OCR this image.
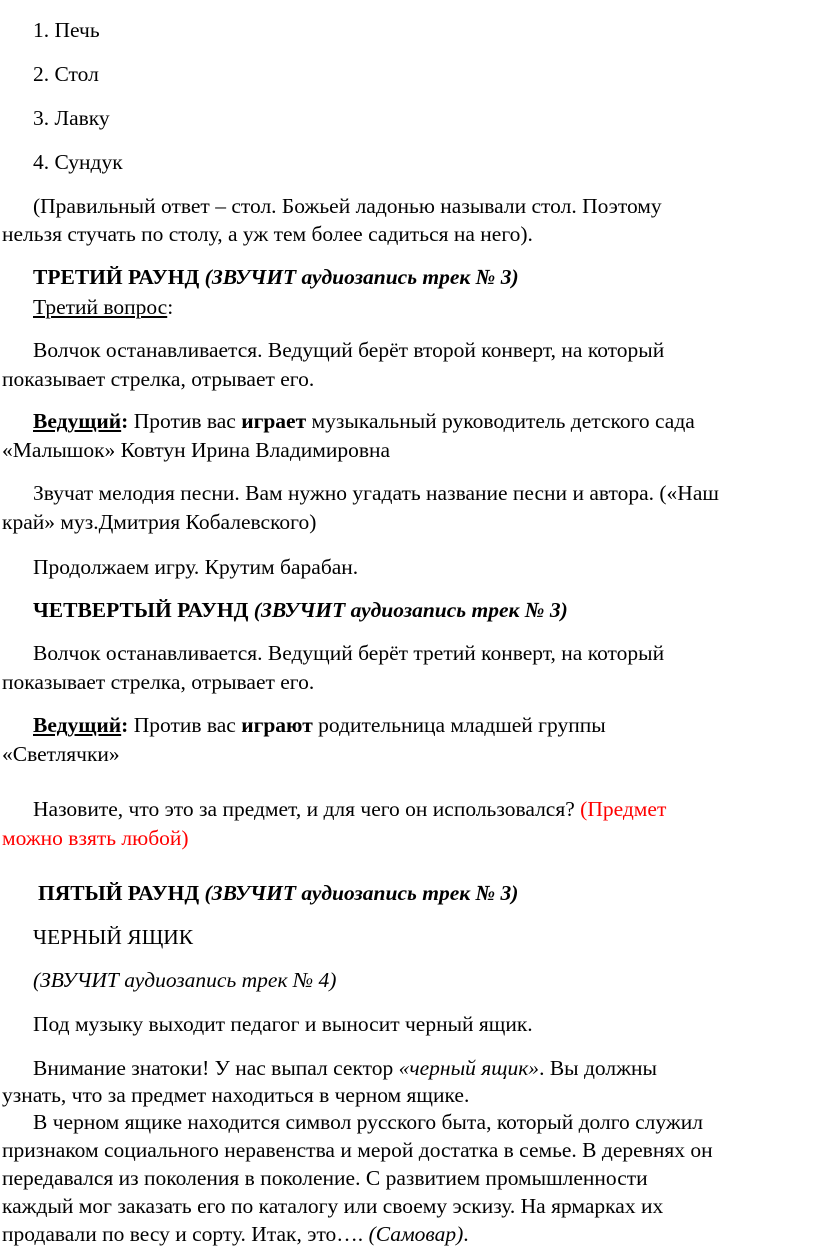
1. Печь
2. Стол
3. Лавку
4. Сундук
(Правильный ответ – стол. Божьей ладонью называли стол. Поэтому
нельзя стучать по столу, а уж тем более садиться на него).
ТРЕТИЙ РАУНД (ЗВУЧИТ аудиозапись трек № 3)
Третий вопрос:
Волчок останавливается. Ведущий берёт второй конверт, на который
показывает стрелка, отрывает его.
Ведущий: Против вас играет музыкальный руководитель детского сада
«Малышок» Ковтун Ирина Владимировна
Звучат мелодия песни. Вам нужно угадать название песни и автора. («Наш
край» муз.Дмитрия Кобалевского)
Продолжаем игру. Крутим барабан.
ЧЕТВЕРТЫЙ РАУНД (ЗВУЧИТ аудиозапись трек № 3)
Волчок останавливается. Ведущий берёт третий конверт, на который
показывает стрелка, отрывает его.
Ведущий: Против вас играют родительница младшей группы
«Светлячки»
Назовите, что это за предмет, и для чего он использовался? (Предмет
можно взять любой)
ПЯТЫЙ РАУНД (ЗВУЧИТ аудиозапись трек № 3)
ЧЕРНЫЙ ЯЩИК
(ЗВУЧИТ аудиозапись трек № 4)
Под музыку выходит педагог и выносит черный ящик.
Внимание знатоки! У нас выпал сектор «черный ящик». Вы должны
узнать, что за предмет находиться в черном ящике.
В черном ящике находится символ русского быта, который долго служил
признаком социального неравенства и мерой достатка в семье. В деревнях он
передавался из поколения в поколение. С развитием промышленности
каждый мог заказать его по каталогу или своему эскизу. На ярмарках их
продавали по весу и сорту. Итак, это…. (Самовар).
